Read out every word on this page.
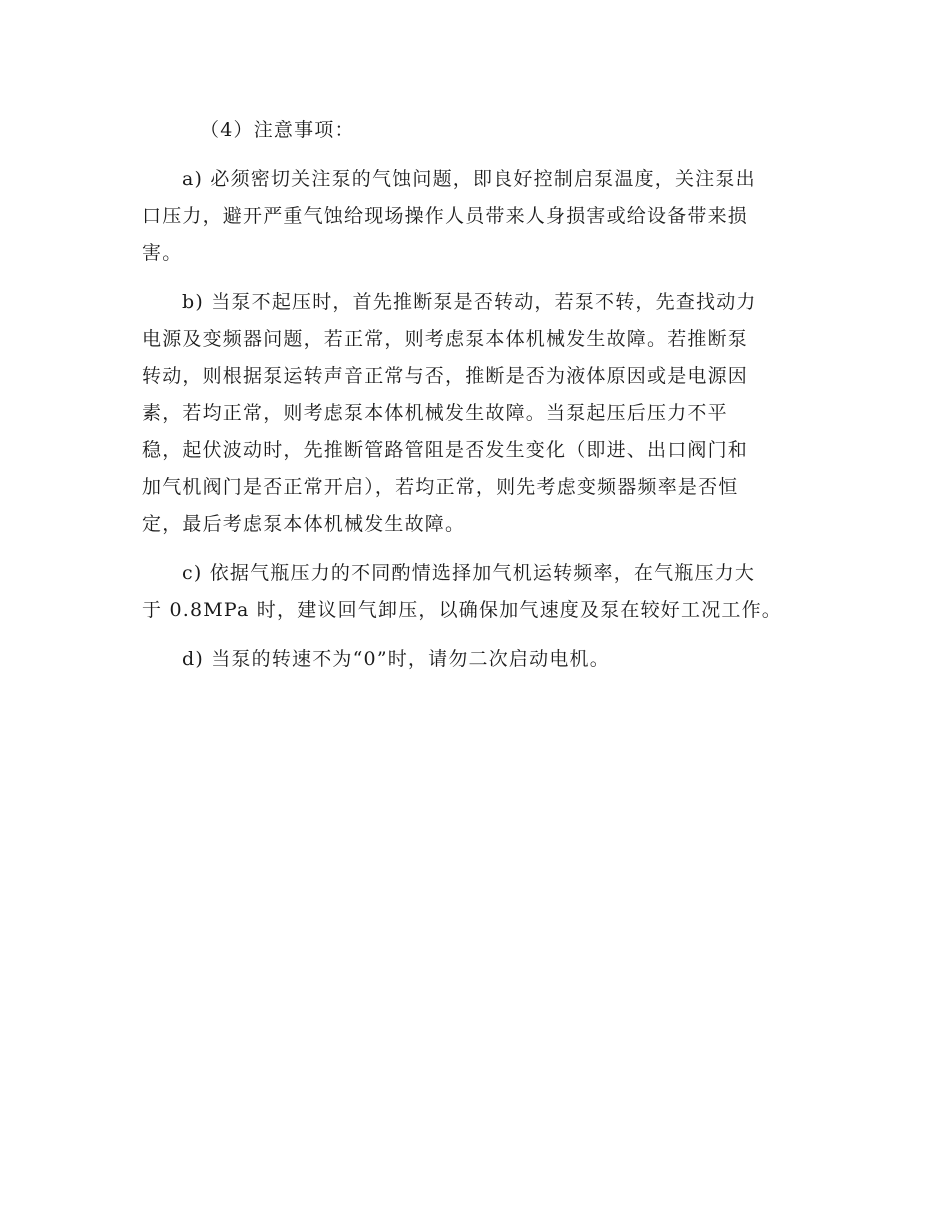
（4）注意事项：
a) 必须密切关注泵的气蚀问题，即良好控制启泵温度，关注泵出
口压力，避开严重气蚀给现场操作人员带来人身损害或给设备带来损
害。
b) 当泵不起压时，首先推断泵是否转动，若泵不转，先查找动力
电源及变频器问题，若正常，则考虑泵本体机械发生故障。若推断泵
转动，则根据泵运转声音正常与否，推断是否为液体原因或是电源因
素，若均正常，则考虑泵本体机械发生故障。当泵起压后压力不平
稳，起伏波动时，先推断管路管阻是否发生变化（即进、出口阀门和
加气机阀门是否正常开启），若均正常，则先考虑变频器频率是否恒
定，最后考虑泵本体机械发生故障。
c) 依据气瓶压力的不同酌情选择加气机运转频率，在气瓶压力大
于 0.8MPa 时，建议回气卸压，以确保加气速度及泵在较好工况工作。
d) 当泵的转速不为“0”时，请勿二次启动电机。
